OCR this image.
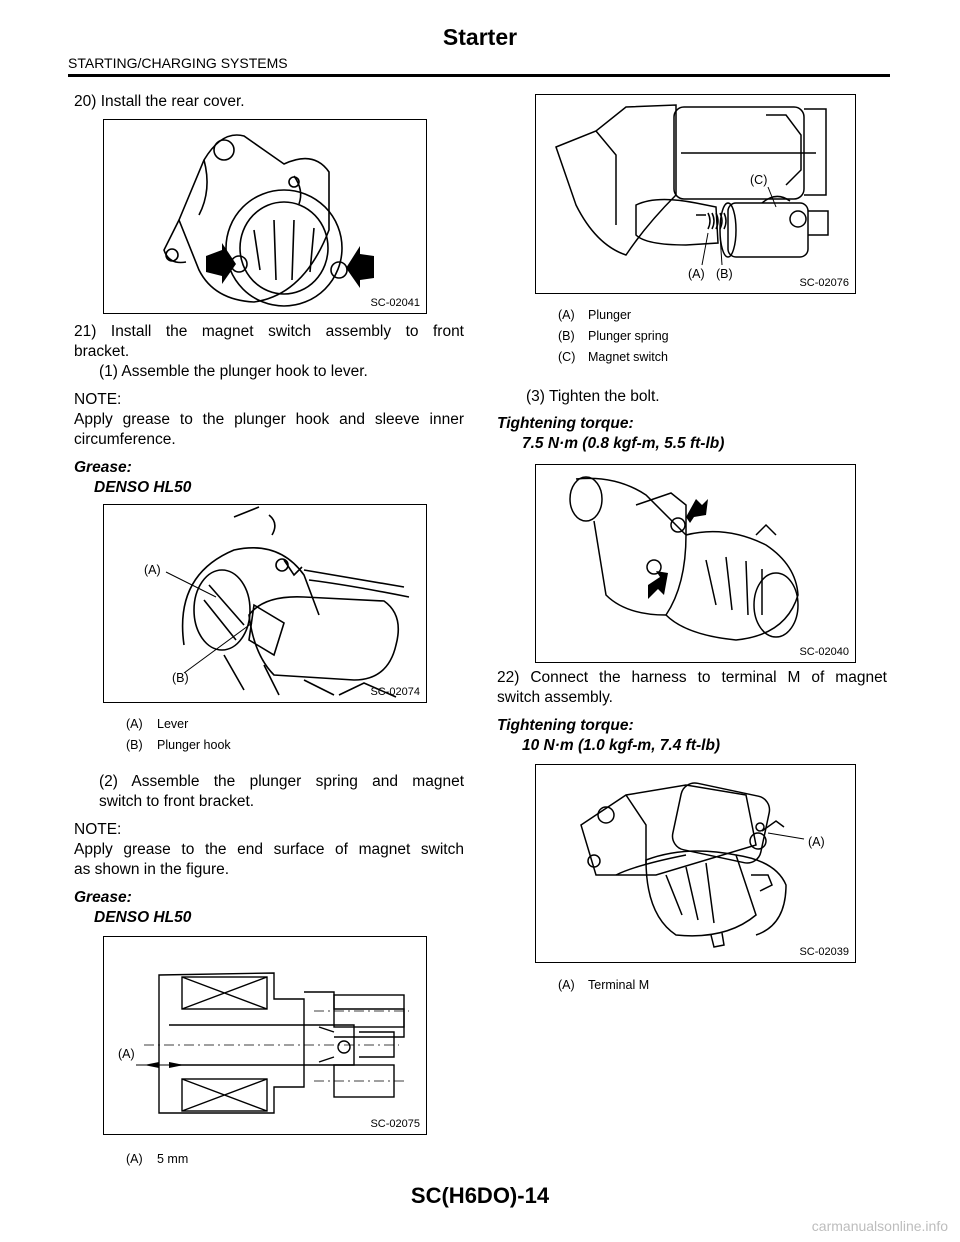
Starter
STARTING/CHARGING SYSTEMS
20) Install the rear cover.
SC-02041
21) Install the magnet switch assembly to front
bracket.
(1) Assemble the plunger hook to lever.
NOTE:
Apply grease to the plunger hook and sleeve inner
circumference.
Grease:
DENSO HL50
(A)
(B)
SC-02074
(A) Lever
(B) Plunger hook
(2) Assemble the plunger spring and magnet
switch to front bracket.
NOTE:
Apply grease to the end surface of magnet switch
as shown in the figure.
Grease:
DENSO HL50
(A)
SC-02075
(A) 5 mm
(A) (B)
(C)
SC-02076
(A) Plunger
(B) Plunger spring
(C) Magnet switch
(3) Tighten the bolt.
Tightening torque:
7.5 N·m (0.8 kgf-m, 5.5 ft-lb)
SC-02040
22) Connect the harness to terminal M of magnet
switch assembly.
Tightening torque:
10 N·m (1.0 kgf-m, 7.4 ft-lb)
(A)
SC-02039
(A) Terminal M
SC(H6DO)-14
carmanualsonline.info
